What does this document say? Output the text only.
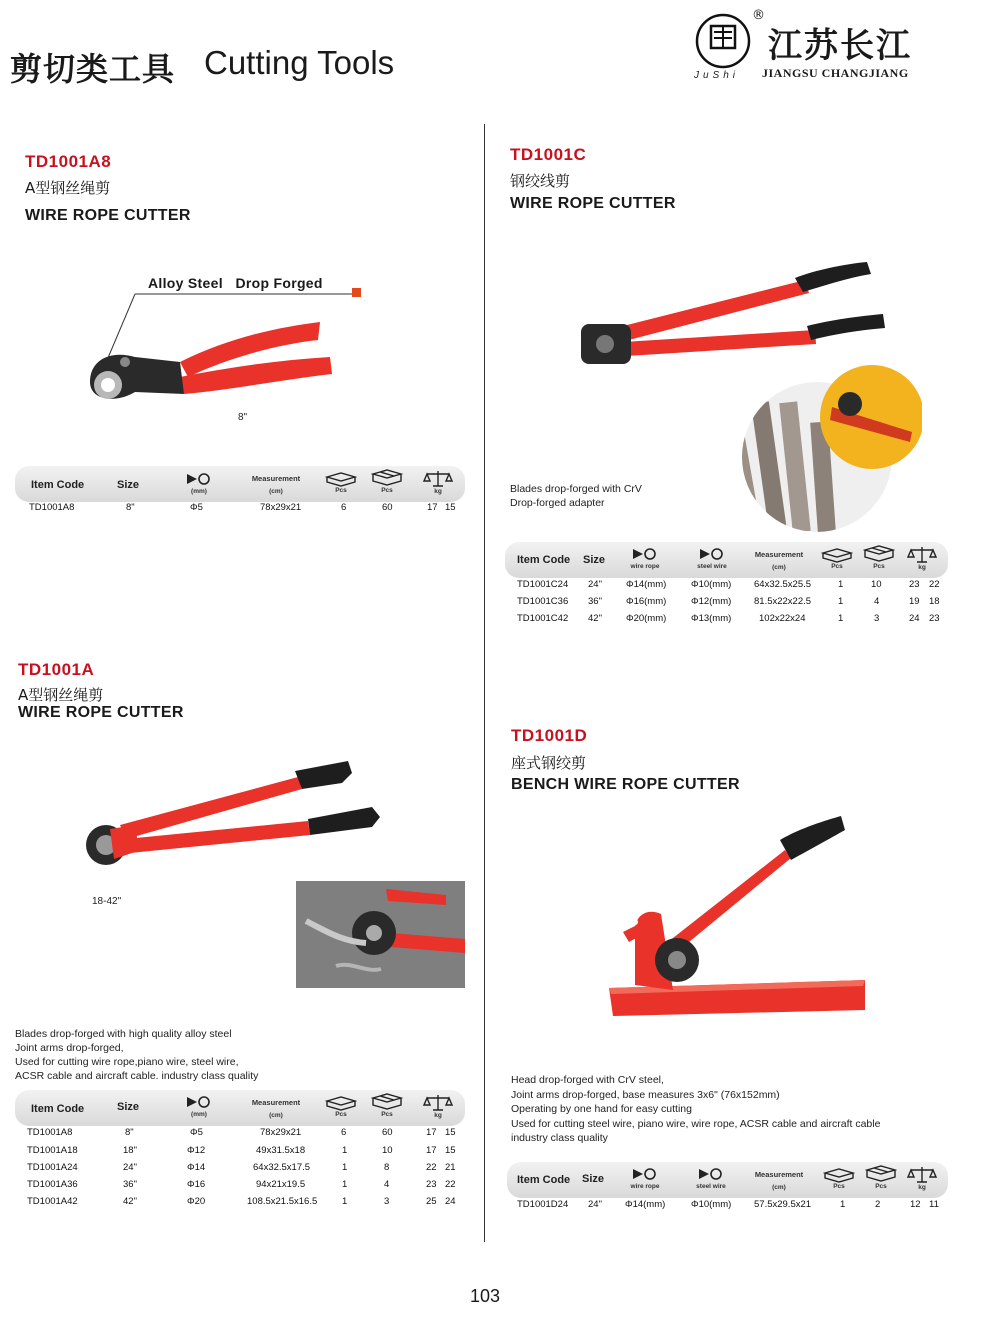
剪切类工具 Cutting Tools
®
江苏长江
JIANGSU CHANGJIANG
JuShi
TD1001A8
A型钢丝绳剪
WIRE ROPE CUTTER
Alloy Steel   Drop Forged
8"
Item Code	Size
(mm)
Measurement
(cm)	Pcs	Pcs	kg
TD1001A8	8"	Φ5	78x29x21	6	60	17 15
TD1001C
钢绞线剪
WIRE ROPE CUTTER
Blades drop-forged with CrV
Drop-forged adapter
Item Code Size
wire rope	steel wire
Measurement
(cm)	Pcs	Pcs	kg
TD1001C24 24"	Φ14(mm)	Φ10(mm) 64x32.5x25.5	1	10	23 22
TD1001C36 36"	Φ16(mm)	Φ12(mm) 81.5x22x22.5	1	4	19 18
TD1001C42 42"	Φ20(mm)	Φ13(mm)	102x22x24	1	3	24 23
TD1001A
A型钢丝绳剪
WIRE ROPE CUTTER
18-42"
Blades drop-forged with high quality alloy steel
Joint arms drop-forged,
Used for cutting wire rope,piano wire, steel wire,
ACSR cable and aircraft cable. industry class quality
Item Code	Size
(mm)
Measurement
(cm)	Pcs	Pcs	kg
TD1001A8	8"	Φ5	78x29x21	6	60	17 15
TD1001A18	18"	Φ12	49x31.5x18	1	10	17 15
TD1001A24	24"	Φ14	64x32.5x17.5	1	8	22 21
TD1001A36	36"	Φ16	94x21x19.5	1	4	23 22
TD1001A42	42"	Φ20	108.5x21.5x16.5	1	3	25 24
TD1001D
座式钢绞剪
BENCH WIRE ROPE CUTTER
Head drop-forged with CrV steel,
Joint arms drop-forged, base measures 3x6" (76x152mm)
Operating by one hand for easy cutting
Used for cutting steel wire, piano wire, wire rope, ACSR cable and aircraft cable
industry class quality
Item Code Size
wire rope	steel wire
Measurement
(cm)	Pcs	Pcs	kg
TD1001D24 24" Φ14(mm)	Φ10(mm) 57.5x29.5x21	1	2	12 11
103
